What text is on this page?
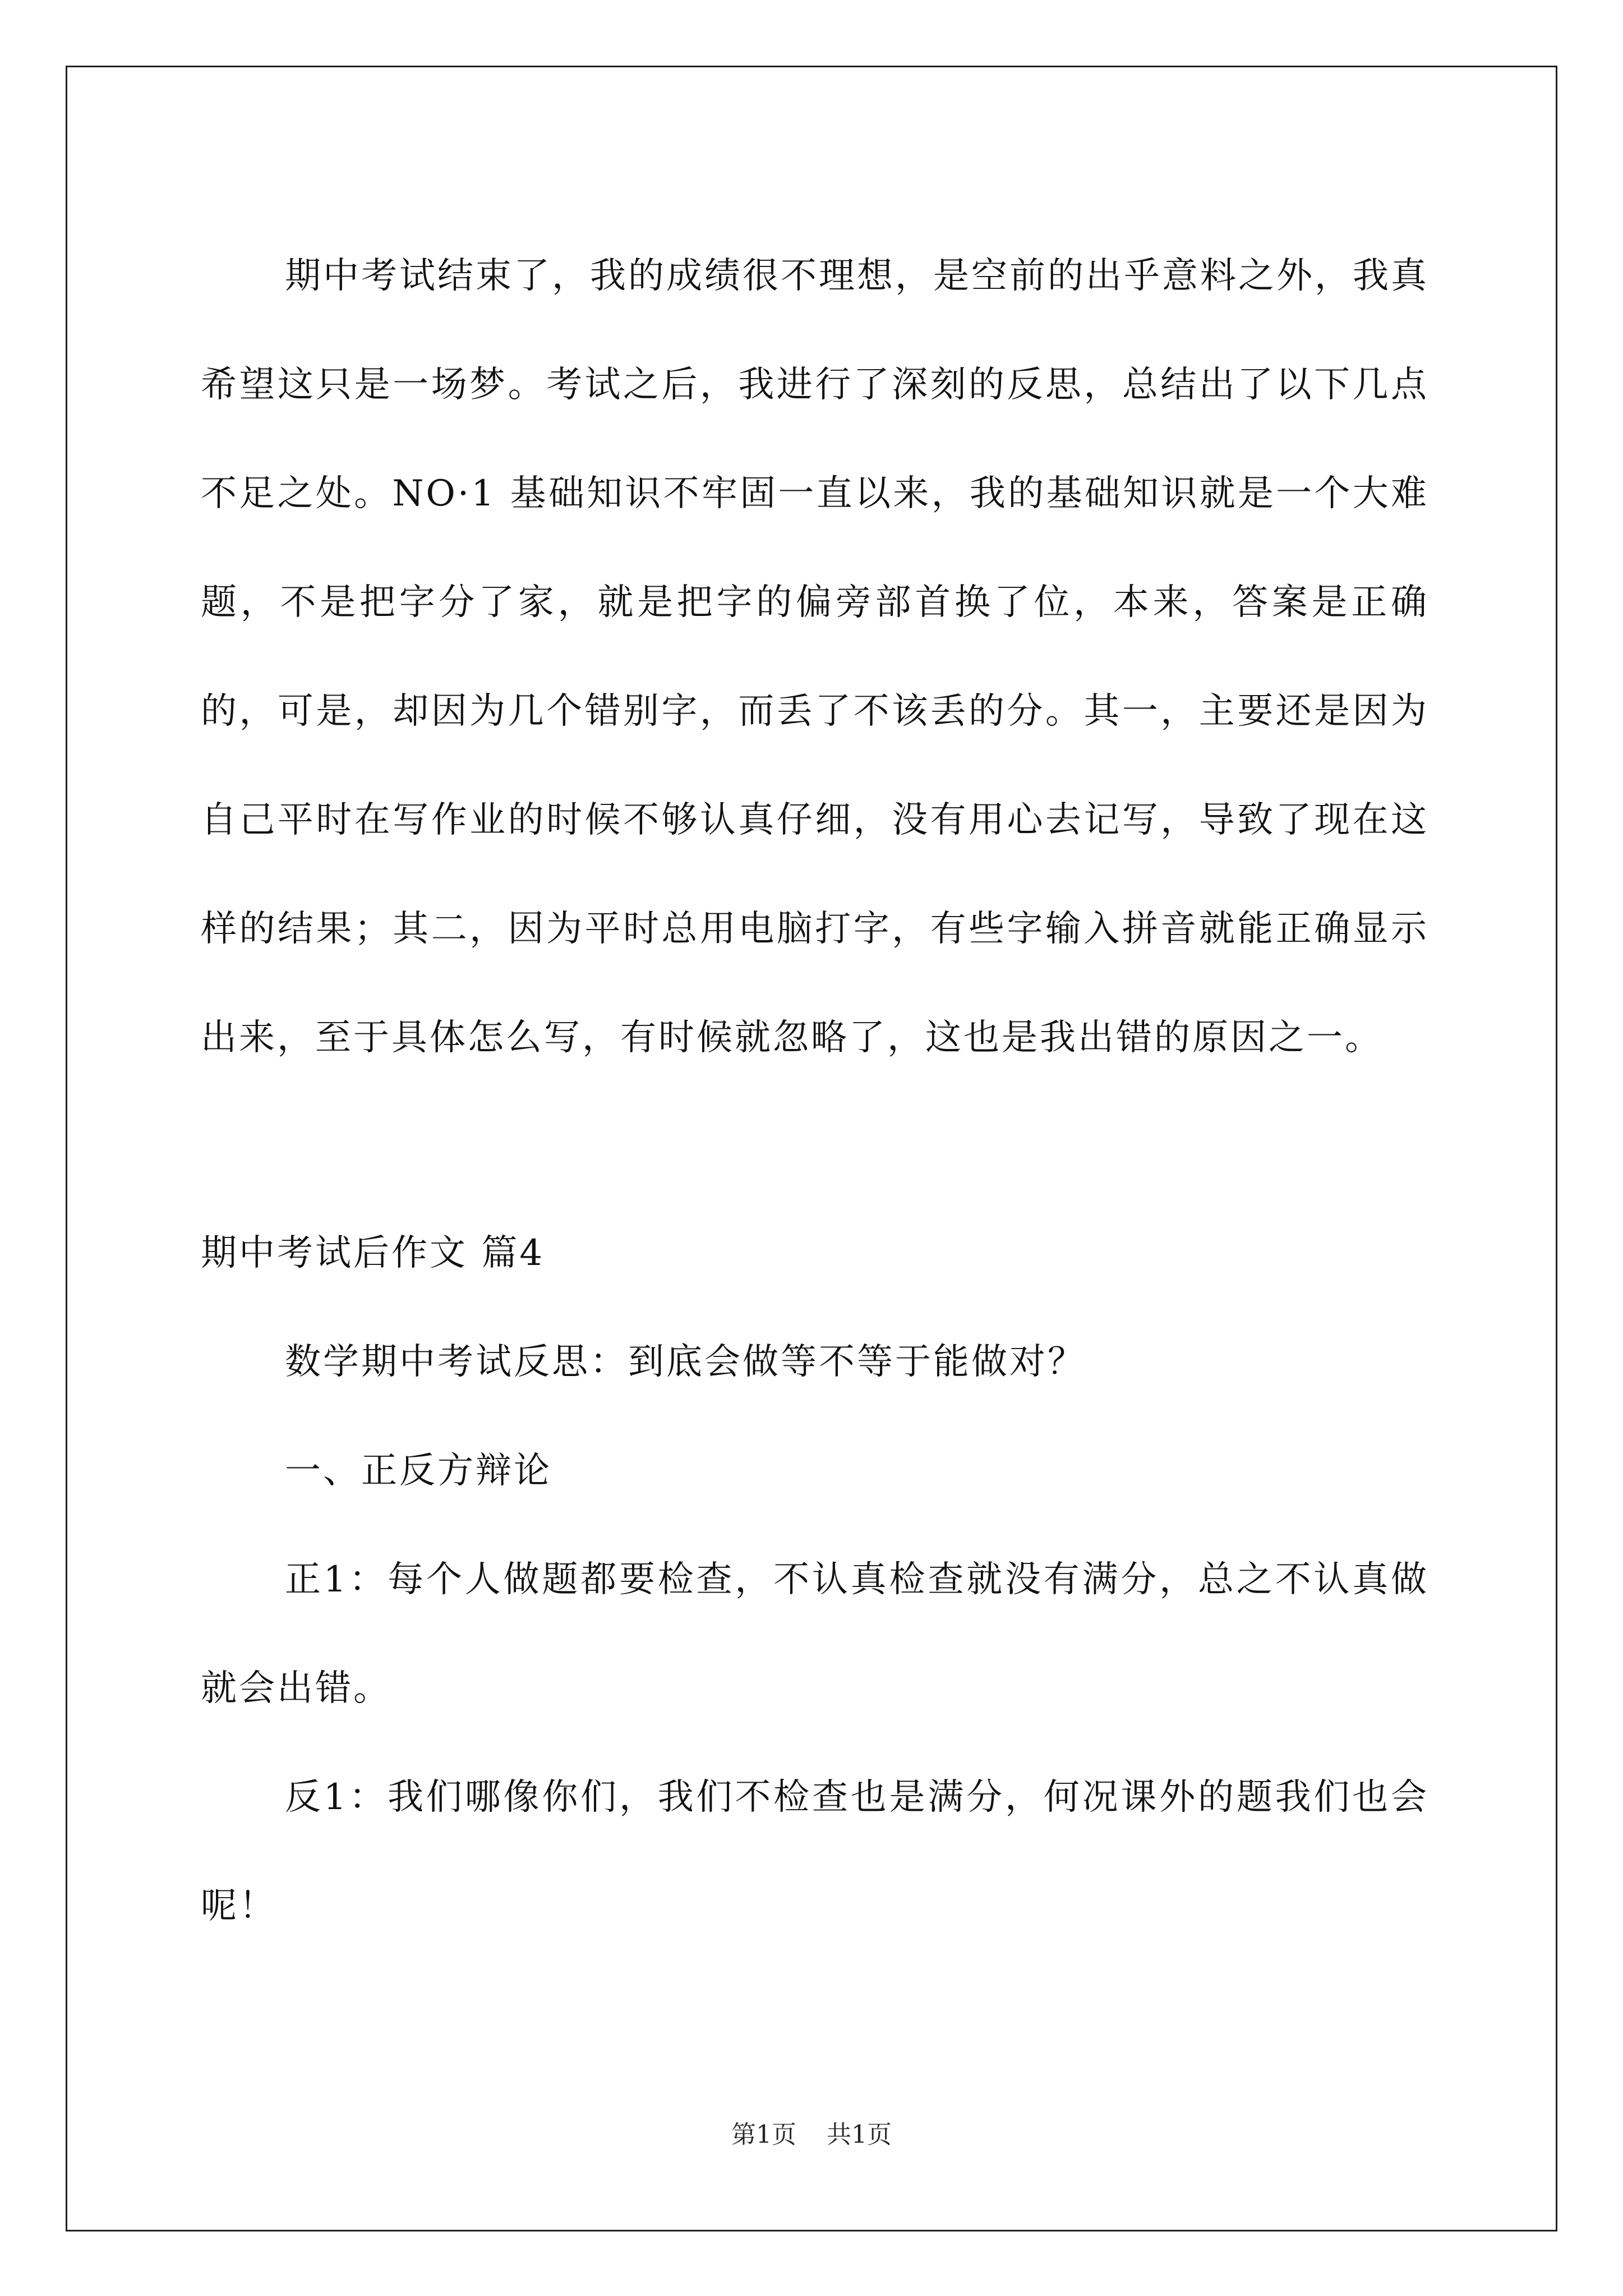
期中考试结束了，我的成绩很不理想，是空前的出乎意料之外，我真希望这只是一场梦。考试之后，我进行了深刻的反思，总结出了以下几点不足之处。NO·1 基础知识不牢固一直以来，我的基础知识就是一个大难题，不是把字分了家，就是把字的偏旁部首换了位，本来，答案是正确的，可是，却因为几个错别字，而丢了不该丢的分。其一，主要还是因为自己平时在写作业的时候不够认真仔细，没有用心去记写，导致了现在这样的结果；其二，因为平时总用电脑打字，有些字输入拼音就能正确显示出来，至于具体怎么写，有时候就忽略了，这也是我出错的原因之一。

期中考试后作文 篇4

数学期中考试反思：到底会做等不等于能做对？

一、正反方辩论

正1：每个人做题都要检查，不认真检查就没有满分，总之不认真做就会出错。

反1：我们哪像你们，我们不检查也是满分，何况课外的题我们也会呢！

第1页 共1页
